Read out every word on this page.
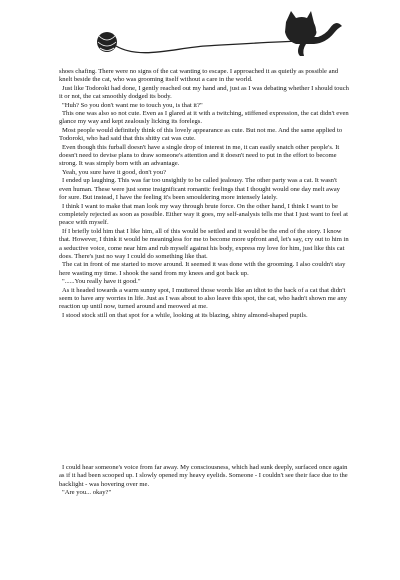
shoes chafing. There were no signs of the cat wanting to escape. I approached it as quietly as possible and knelt beside the cat, who was grooming itself without a care in the world.

Just like Todoroki had done, I gently reached out my hand and, just as I was debating whether I should touch it or not, the cat smoothly dodged its body.

"Huh? So you don't want me to touch you, is that it?"

This one was also so not cute. Even as I glared at it with a twitching, stiffened expression, the cat didn't even glance my way and kept zealously licking its forelegs.

Most people would definitely think of this lovely appearance as cute. But not me. And the same applied to Todoroki, who had said that this shitty cat was cute.

Even though this furball doesn't have a single drop of interest in me, it can easily snatch other people's. It doesn't need to devise plans to draw someone's attention and it doesn't need to put in the effort to become strong. It was simply born with an advantage.

Yeah, you sure have it good, don't you?

I ended up laughing. This was far too unsightly to be called jealousy. The other party was a cat. It wasn't even human. These were just some insignificant romantic feelings that I thought would one day melt away for sure. But instead, I have the feeling it's been smouldering more intensely lately.

I think I want to make that man look my way through brute force. On the other hand, I think I want to be completely rejected as soon as possible. Either way it goes, my self-analysis tells me that I just want to feel at peace with myself.

If I briefly told him that I like him, all of this would be settled and it would be the end of the story. I know that. However, I think it would be meaningless for me to become more upfront and, let's say, cry out to him in a seductive voice, come near him and rub myself against his body, express my love for him, just like this cat does. There's just no way I could do something like that.

The cat in front of me started to move around. It seemed it was done with the grooming. I also couldn't stay here wasting my time. I shook the sand from my knees and got back up.

"......You really have it good."

As it headed towards a warm sunny spot, I muttered those words like an idiot to the back of a cat that didn't seem to have any worries in life. Just as I was about to also leave this spot, the cat, who hadn't shown me any reaction up until now, turned around and meowed at me.

I stood stock still on that spot for a while, looking at its blazing, shiny almond-shaped pupils.

I could hear someone's voice from far away. My consciousness, which had sunk deeply, surfaced once again as if it had been scooped up. I slowly opened my heavy eyelids. Someone - I couldn't see their face due to the backlight - was hovering over me.

"Are you... okay?"
